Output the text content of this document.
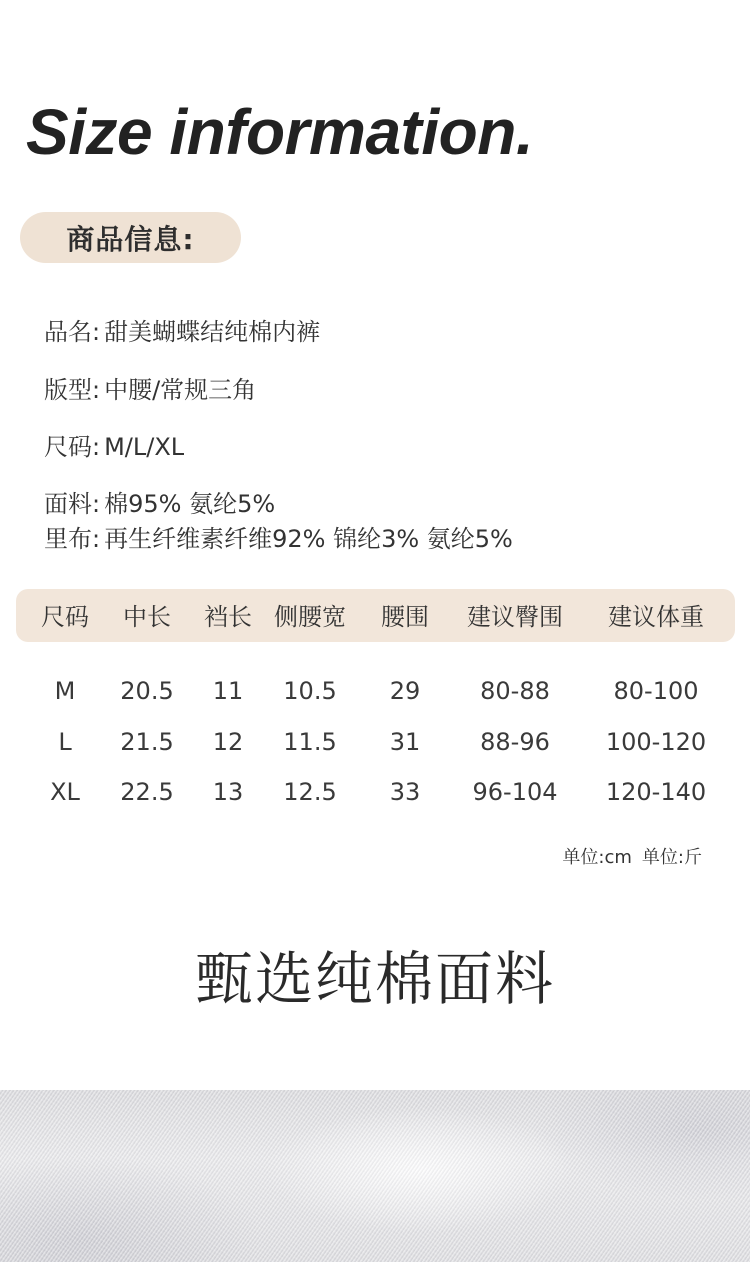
Size information.
商品信息:
品名: 甜美蝴蝶结纯棉内裤
版型: 中腰/常规三角
尺码: M/L/XL
面料: 棉95% 氨纶5%
里布: 再生纤维素纤维92% 锦纶3% 氨纶5%
尺码 中长 裆长 侧腰宽 腰围 建议臀围 建议体重
M 20.5 11 10.5 29 80-88	80-100
L 21.5 12 11.5 31 88-96 100-120
XL 22.5 13 12.5 33 96-104 120-140
单位:cm 单位:斤
甄选纯棉面料
